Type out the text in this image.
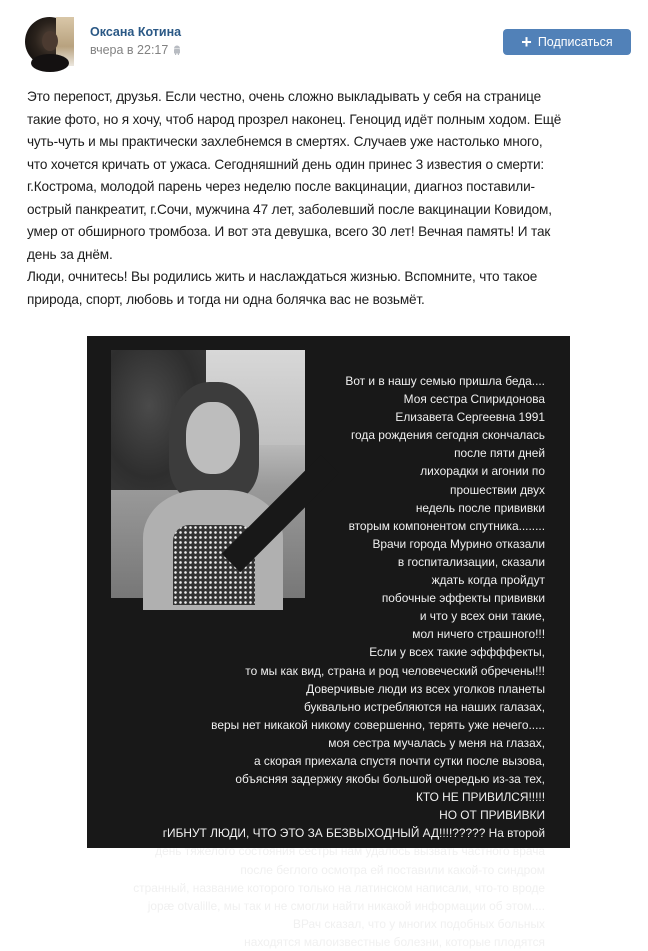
Оксана Котина
вчера в 22:17	+ Подписаться

Это перепост, друзья. Если честно, очень сложно выкладывать у себя на странице

такие фото, но я хочу, чтоб народ прозрел наконец. Геноцид идёт полным ходом. Ещё

чуть-чуть и мы практически захлебнемся в смертях. Случаев уже настолько много,

что хочется кричать от ужаса. Сегодняшний день один принес 3 известия о смерти:

г.Кострома, молодой парень через неделю после вакцинации, диагноз поставили-

острый панкреатит, г.Сочи, мужчина 47 лет, заболевший после вакцинации Ковидом,

умер от обширного тромбоза. И вот эта девушка, всего 30 лет! Вечная память! И так

день за днём.

Люди, очнитесь! Вы родились жить и наслаждаться жизнью. Вспомните, что такое

природа, спорт, любовь и тогда ни одна болячка вас не возьмёт.

Вот и в нашу семью пришла беда....
Моя сестра Спиридонова
Елизавета Сергеевна 1991
года рождения сегодня скончалась
после пяти дней
лихорадки и агонии по
прошествии двух
недель после прививки
вторым компонентом спутника........
Врачи города Мурино отказали
в госпитализации, сказали
ждать когда пройдут
побочные эффекты прививки
и что у всех они такие,
мол ничего страшного!!!
Если у всех такие эффффекты,
то мы как вид, страна и род человеческий обречены!!!
Доверчивые люди из всех уголков планеты
буквально истребляются на наших галазах,
веры нет никакой никому совершенно, терять уже нечего.....
моя сестра мучалась у меня на глазах,
а скорая приехала спустя почти сутки после вызова,
объясняя задержку якобы большой очередью из-за тех,
КТО НЕ ПРИВИЛСЯ!!!!!
НО ОТ ПРИВИВКИ
гИБНУТ ЛЮДИ, ЧТО ЭТО ЗА БЕЗВЫХОДНЫЙ АД!!!!????? На второй
день тяжелого состояния сестры нам удалось вызвать частного врача
после беглого осмотра ей поставили какой-то синдром
странный, название которого только на латинском написали, что-то вроде
jopæ otvalille, мы так и не смогли найти никакой информации об этом....
ВРач сказал, что у многих подобных больных
находятся малоизвестные болезни, которые плодятся
